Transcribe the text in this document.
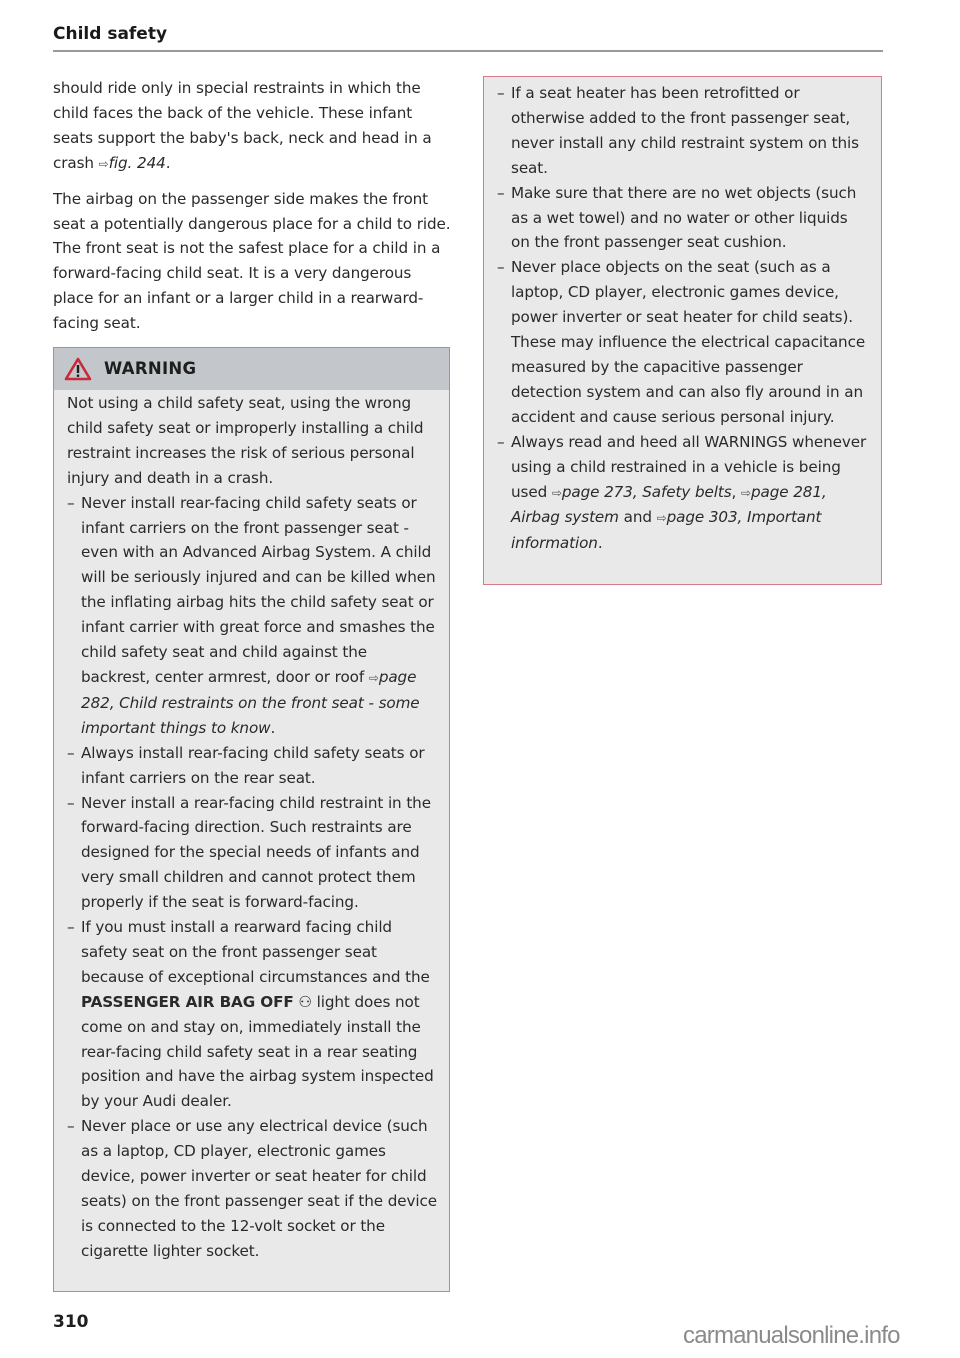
Child safety

should ride only in special restraints in which the child faces the back of the vehicle. These infant seats support the baby's back, neck and head in a crash ⇨fig. 244.

The airbag on the passenger side makes the front seat a potentially dangerous place for a child to ride. The front seat is not the safest place for a child in a forward-facing child seat. It is a very dangerous place for an infant or a larger child in a rearward-facing seat.

WARNING

Not using a child safety seat, using the wrong child safety seat or improperly installing a child restraint increases the risk of serious personal injury and death in a crash.

– Never install rear-facing child safety seats or infant carriers on the front passenger seat - even with an Advanced Airbag System. A child will be seriously injured and can be killed when the inflating airbag hits the child safety seat or infant carrier with great force and smashes the child safety seat and child against the backrest, center armrest, door or roof ⇨page 282, Child restraints on the front seat - some important things to know.
– Always install rear-facing child safety seats or infant carriers on the rear seat.
– Never install a rear-facing child restraint in the forward-facing direction. Such restraints are designed for the special needs of infants and very small children and cannot protect them properly if the seat is forward-facing.
– If you must install a rearward facing child safety seat on the front passenger seat because of exceptional circumstances and the PASSENGER AIR BAG OFF ⚇ light does not come on and stay on, immediately install the rear-facing child safety seat in a rear seating position and have the airbag system inspected by your Audi dealer.
– Never place or use any electrical device (such as a laptop, CD player, electronic games device, power inverter or seat heater for child seats) on the front passenger seat if the device is connected to the 12-volt socket or the cigarette lighter socket.
– If a seat heater has been retrofitted or otherwise added to the front passenger seat, never install any child restraint system on this seat.
– Make sure that there are no wet objects (such as a wet towel) and no water or other liquids on the front passenger seat cushion.
– Never place objects on the seat (such as a laptop, CD player, electronic games device, power inverter or seat heater for child seats). These may influence the electrical capacitance measured by the capacitive passenger detection system and can also fly around in an accident and cause serious personal injury.
– Always read and heed all WARNINGS whenever using a child restrained in a vehicle is being used ⇨page 273, Safety belts, ⇨page 281, Airbag system and ⇨page 303, Important information.
310	carmanualsonline.info
